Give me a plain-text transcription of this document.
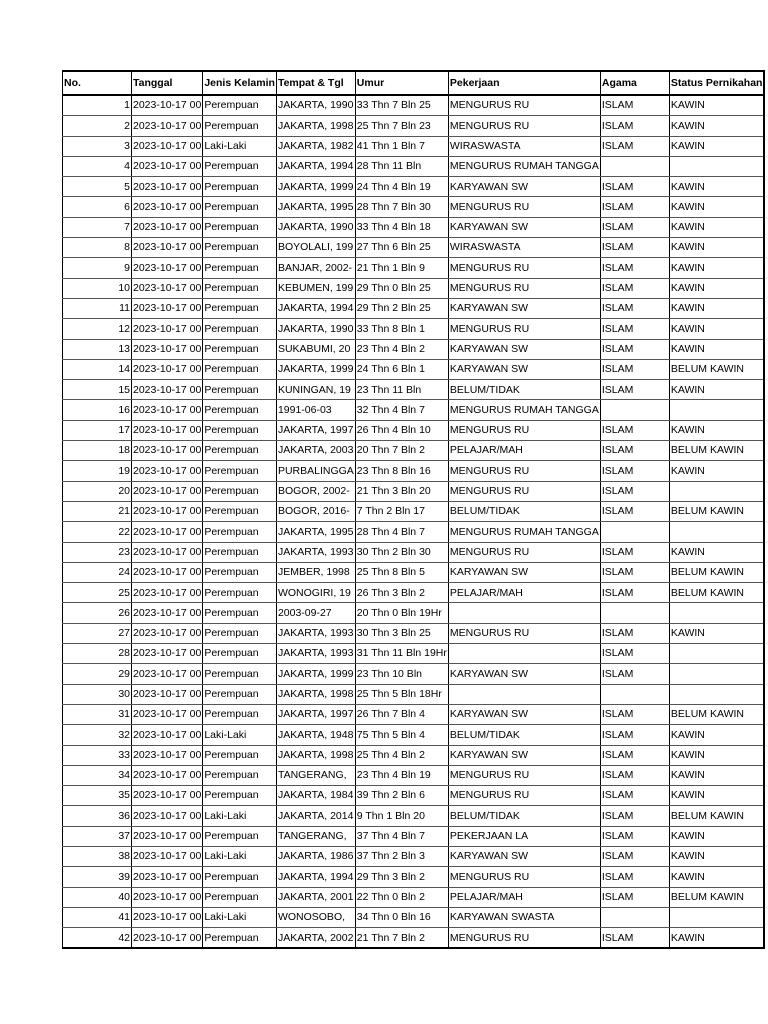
No.	Tanggal	Jenis Kelamin	Tempat & Tgl	Umur	Pekerjaan	Agama	Status Pernikahan
1	2023-10-17 00	Perempuan	JAKARTA, 1990	33 Thn 7 Bln 25	MENGURUS RU	ISLAM	KAWIN
2	2023-10-17 00	Perempuan	JAKARTA, 1998	25 Thn 7 Bln 23	MENGURUS RU	ISLAM	KAWIN
3	2023-10-17 00	Laki-Laki	JAKARTA, 1982	41 Thn 1 Bln 7	WIRASWASTA	ISLAM	KAWIN
4	2023-10-17 00	Perempuan	JAKARTA, 1994	28 Thn 11 Bln	MENGURUS RUMAH TANGGA		
5	2023-10-17 00	Perempuan	JAKARTA, 1999	24 Thn 4 Bln 19	KARYAWAN SW	ISLAM	KAWIN
6	2023-10-17 00	Perempuan	JAKARTA, 1995	28 Thn 7 Bln 30	MENGURUS RU	ISLAM	KAWIN
7	2023-10-17 00	Perempuan	JAKARTA, 1990	33 Thn 4 Bln 18	KARYAWAN SW	ISLAM	KAWIN
8	2023-10-17 00	Perempuan	BOYOLALI, 199	27 Thn 6 Bln 25	WIRASWASTA	ISLAM	KAWIN
9	2023-10-17 00	Perempuan	BANJAR, 2002-	21 Thn 1 Bln 9	MENGURUS RU	ISLAM	KAWIN
10	2023-10-17 00	Perempuan	KEBUMEN, 199	29 Thn 0 Bln 25	MENGURUS RU	ISLAM	KAWIN
11	2023-10-17 00	Perempuan	JAKARTA, 1994	29 Thn 2 Bln 25	KARYAWAN SW	ISLAM	KAWIN
12	2023-10-17 00	Perempuan	JAKARTA, 1990	33 Thn 8 Bln 1	MENGURUS RU	ISLAM	KAWIN
13	2023-10-17 00	Perempuan	SUKABUMI, 20	23 Thn 4 Bln 2	KARYAWAN SW	ISLAM	KAWIN
14	2023-10-17 00	Perempuan	JAKARTA, 1999	24 Thn 6 Bln 1	KARYAWAN SW	ISLAM	BELUM KAWIN
15	2023-10-17 00	Perempuan	KUNINGAN, 19	23 Thn 11 Bln	BELUM/TIDAK	ISLAM	KAWIN
16	2023-10-17 00	Perempuan	1991-06-03	32 Thn 4 Bln 7	MENGURUS RUMAH TANGGA		
17	2023-10-17 00	Perempuan	JAKARTA, 1997	26 Thn 4 Bln 10	MENGURUS RU	ISLAM	KAWIN
18	2023-10-17 00	Perempuan	JAKARTA, 2003	20 Thn 7 Bln 2	PELAJAR/MAH	ISLAM	BELUM KAWIN
19	2023-10-17 00	Perempuan	PURBALINGGA	23 Thn 8 Bln 16	MENGURUS RU	ISLAM	KAWIN
20	2023-10-17 00	Perempuan	BOGOR, 2002-	21 Thn 3 Bln 20	MENGURUS RU	ISLAM	
21	2023-10-17 00	Perempuan	BOGOR, 2016-	7 Thn 2 Bln 17	BELUM/TIDAK	ISLAM	BELUM KAWIN
22	2023-10-17 00	Perempuan	JAKARTA, 1995	28 Thn 4 Bln 7	MENGURUS RUMAH TANGGA		
23	2023-10-17 00	Perempuan	JAKARTA, 1993	30 Thn 2 Bln 30	MENGURUS RU	ISLAM	KAWIN
24	2023-10-17 00	Perempuan	JEMBER, 1998	25 Thn 8 Bln 5	KARYAWAN SW	ISLAM	BELUM KAWIN
25	2023-10-17 00	Perempuan	WONOGIRI, 19	26 Thn 3 Bln 2	PELAJAR/MAH	ISLAM	BELUM KAWIN
26	2023-10-17 00	Perempuan	2003-09-27	20 Thn 0 Bln 19Hr			
27	2023-10-17 00	Perempuan	JAKARTA, 1993	30 Thn 3 Bln 25	MENGURUS RU	ISLAM	KAWIN
28	2023-10-17 00	Perempuan	JAKARTA, 1993	31 Thn 11 Bln 19Hr		ISLAM	
29	2023-10-17 00	Perempuan	JAKARTA, 1999	23 Thn 10 Bln	KARYAWAN SW	ISLAM	
30	2023-10-17 00	Perempuan	JAKARTA, 1998	25 Thn 5 Bln 18Hr			
31	2023-10-17 00	Perempuan	JAKARTA, 1997	26 Thn 7 Bln 4	KARYAWAN SW	ISLAM	BELUM KAWIN
32	2023-10-17 00	Laki-Laki	JAKARTA, 1948	75 Thn 5 Bln 4	BELUM/TIDAK	ISLAM	KAWIN
33	2023-10-17 00	Perempuan	JAKARTA, 1998	25 Thn 4 Bln 2	KARYAWAN SW	ISLAM	KAWIN
34	2023-10-17 00	Perempuan	TANGERANG,	23 Thn 4 Bln 19	MENGURUS RU	ISLAM	KAWIN
35	2023-10-17 00	Perempuan	JAKARTA, 1984	39 Thn 2 Bln 6	MENGURUS RU	ISLAM	KAWIN
36	2023-10-17 00	Laki-Laki	JAKARTA, 2014	9 Thn 1 Bln 20	BELUM/TIDAK	ISLAM	BELUM KAWIN
37	2023-10-17 00	Perempuan	TANGERANG,	37 Thn 4 Bln 7	PEKERJAAN LA	ISLAM	KAWIN
38	2023-10-17 00	Laki-Laki	JAKARTA, 1986	37 Thn 2 Bln 3	KARYAWAN SW	ISLAM	KAWIN
39	2023-10-17 00	Perempuan	JAKARTA, 1994	29 Thn 3 Bln 2	MENGURUS RU	ISLAM	KAWIN
40	2023-10-17 00	Perempuan	JAKARTA, 2001	22 Thn 0 Bln 2	PELAJAR/MAH	ISLAM	BELUM KAWIN
41	2023-10-17 00	Laki-Laki	WONOSOBO,	34 Thn 0 Bln 16	KARYAWAN SWASTA		
42	2023-10-17 00	Perempuan	JAKARTA, 2002	21 Thn 7 Bln 2	MENGURUS RU	ISLAM	KAWIN
